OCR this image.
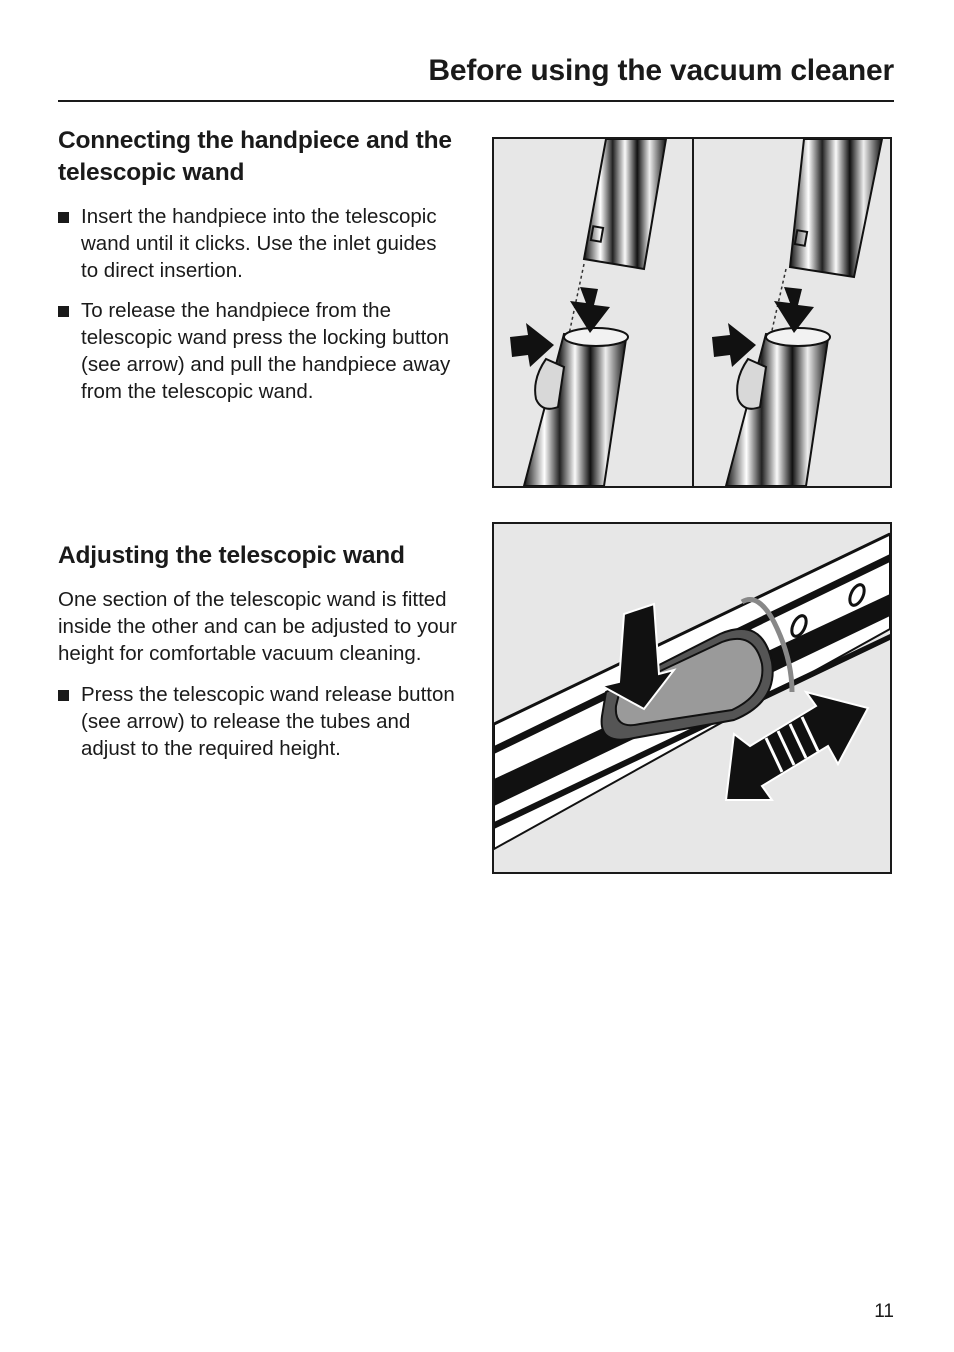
Before using the vacuum cleaner
Connecting the handpiece and the telescopic wand
Insert the handpiece into the telescopic wand until it clicks. Use the inlet guides to direct insertion.
To release the handpiece from the telescopic wand press the locking button (see arrow) and pull the handpiece away from the telescopic wand.
Adjusting the telescopic wand

One section of the telescopic wand is fitted inside the other and can be adjusted to your height for comfortable vacuum cleaning.

Press the telescopic wand release button (see arrow) to release the tubes and adjust to the required height.
11
